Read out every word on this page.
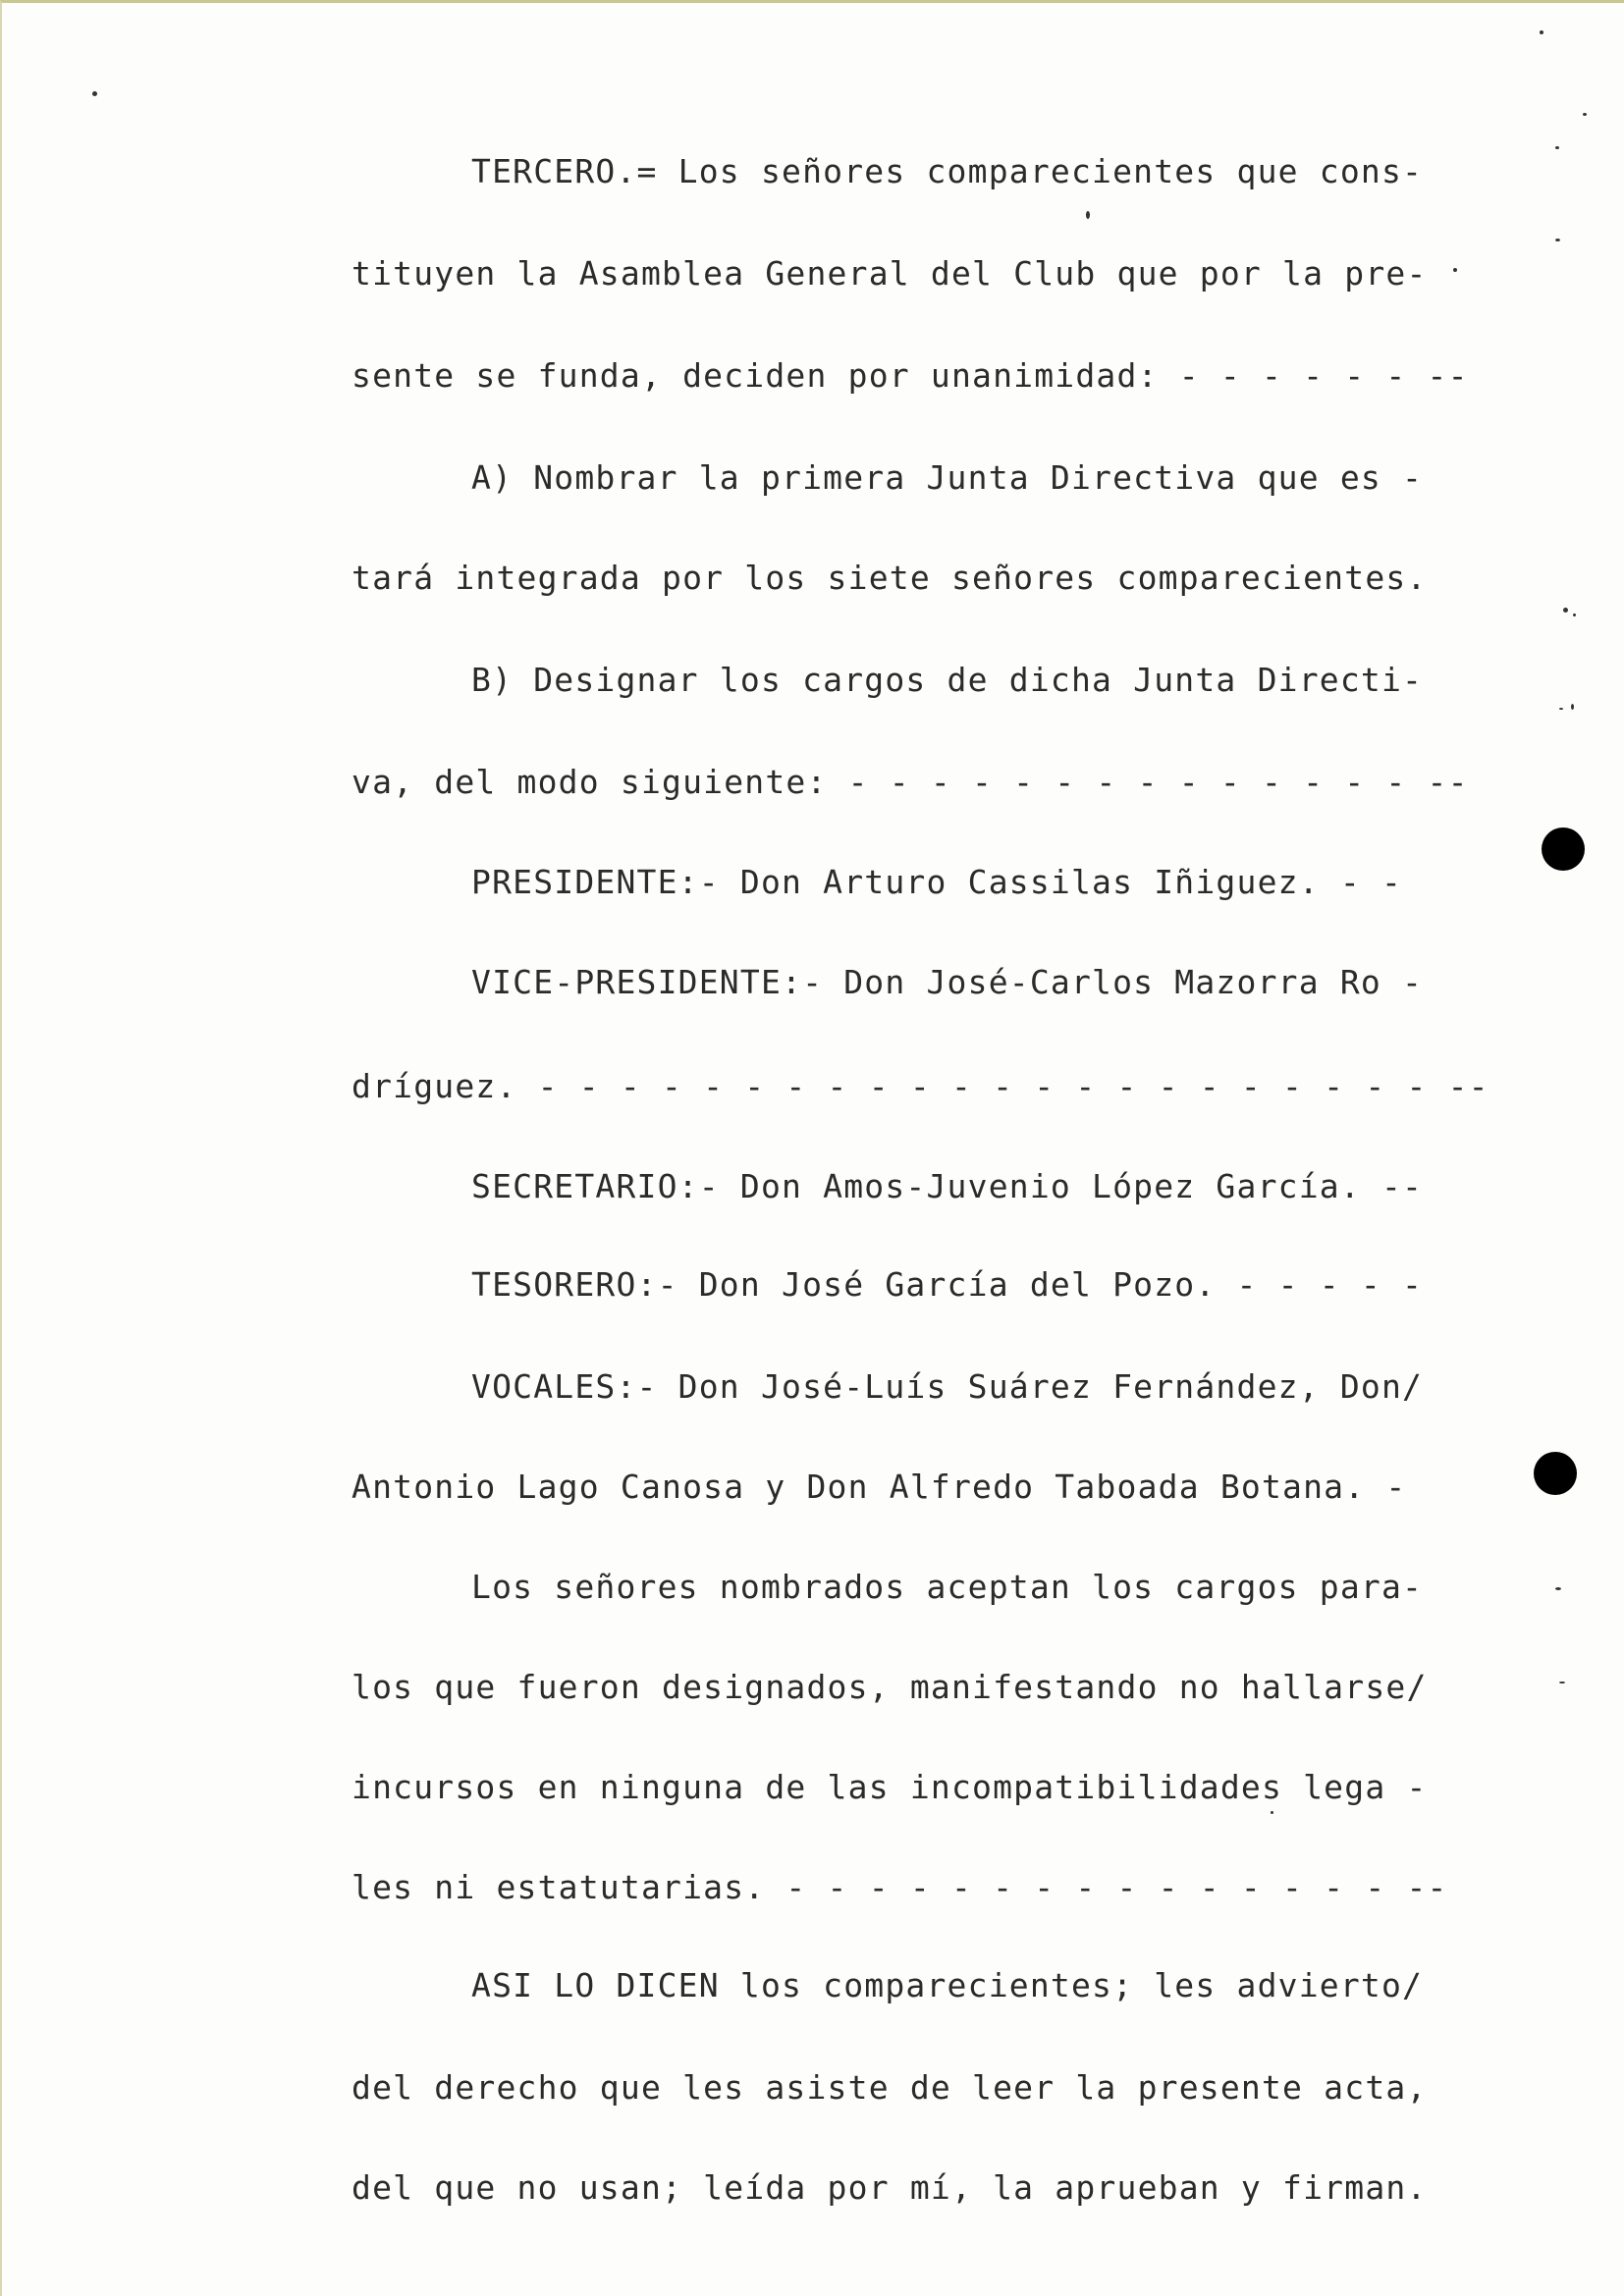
TERCERO.= Los señores comparecientes que cons-
tituyen la Asamblea General del Club que por la pre-
sente se funda, deciden por unanimidad: - - - - - - --
A) Nombrar la primera Junta Directiva que es -
tará integrada por los siete señores comparecientes.
B) Designar los cargos de dicha Junta Directi-
va, del modo siguiente: - - - - - - - - - - - - - - --
PRESIDENTE:- Don Arturo Cassilas Iñiguez. - -
VICE-PRESIDENTE:- Don José-Carlos Mazorra Ro -
dríguez. - - - - - - - - - - - - - - - - - - - - - - --
SECRETARIO:- Don Amos-Juvenio López García. --
TESORERO:- Don José García del Pozo. - - - - -
VOCALES:- Don José-Luís Suárez Fernández, Don/
Antonio Lago Canosa y Don Alfredo Taboada Botana. -
Los señores nombrados aceptan los cargos para-
los que fueron designados, manifestando no hallarse/
incursos en ninguna de las incompatibilidades lega -
les ni estatutarias. - - - - - - - - - - - - - - - --
ASI LO DICEN los comparecientes; les advierto/
del derecho que les asiste de leer la presente acta,
del que no usan; leída por mí, la aprueban y firman.
